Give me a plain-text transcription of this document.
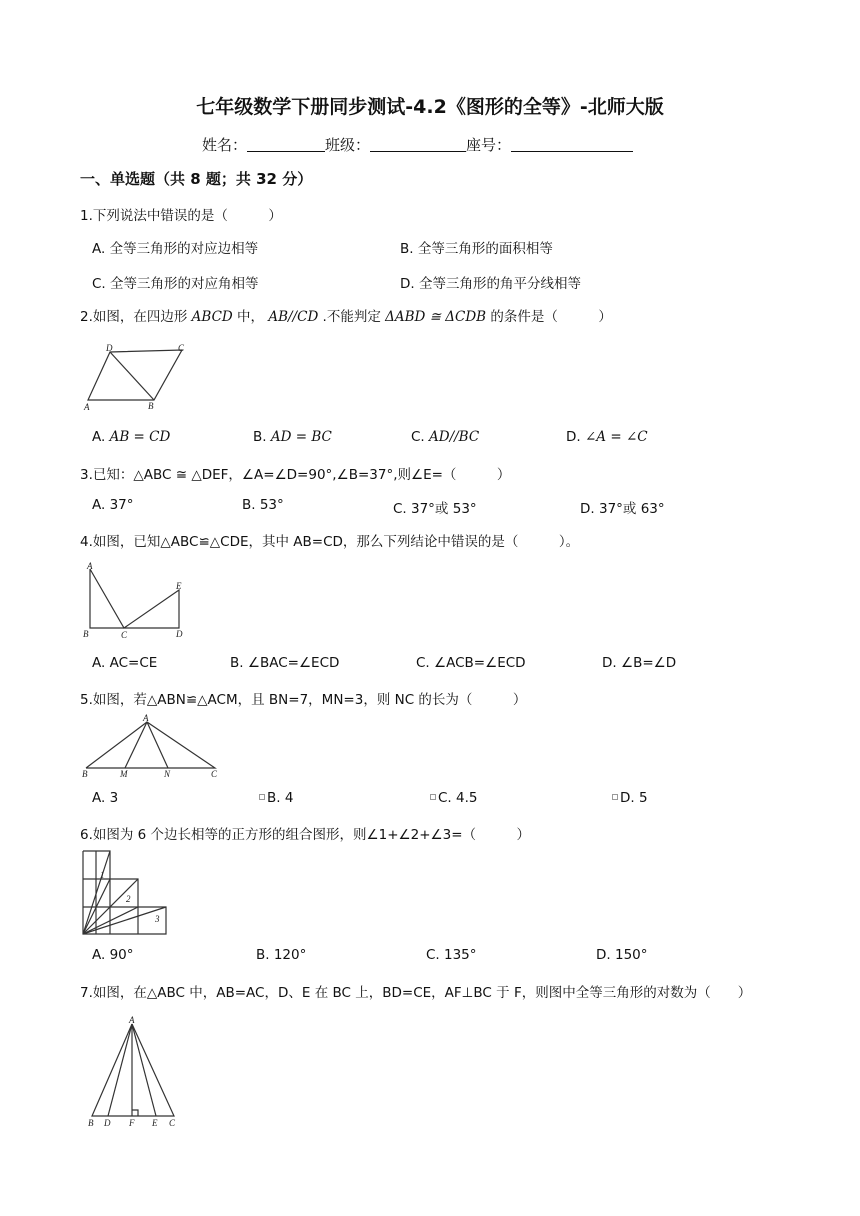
七年级数学下册同步测试-4.2《图形的全等》-北师大版
姓名：	班级：	座号：
一、单选题（共 8 题；共 32 分）
1.下列说法中错误的是（　　　）
A. 全等三角形的对应边相等	B. 全等三角形的面积相等
C. 全等三角形的对应角相等	D. 全等三角形的角平分线相等
2.如图，在四边形 ABCD 中， AB//CD .不能判定 ΔABD ≅ ΔCDB 的条件是（　　　）
D	C
A	B
A. AB = CD	B. AD = BC	C. AD//BC	D. ∠A = ∠C
3.已知：△ABC ≅ △DEF，∠A=∠D=90°,∠B=37°,则∠E=（　　　）
A. 37°	B. 53°	C. 37°或 53°	D. 37°或 63°
4.如图，已知△ABC≌△CDE，其中 AB=CD，那么下列结论中错误的是（　　　）。
A
E
B	C	D
A. AC=CE	B. ∠BAC=∠ECD	C. ∠ACB=∠ECD	D. ∠B=∠D
5.如图，若△ABN≌△ACM，且 BN=7，MN=3，则 NC 的长为（　　　）
A
B	M	N	C
A. 3	B. 4	C. 4.5	D. 5
6.如图为 6 个边长相等的正方形的组合图形，则∠1+∠2+∠3=（　　　）
1
2
3
A. 90°	B. 120°	C. 135°	D. 150°
7.如图，在△ABC 中，AB=AC，D、E 在 BC 上，BD=CE，AF⊥BC 于 F，则图中全等三角形的对数为（　　）
A
B D F E C
